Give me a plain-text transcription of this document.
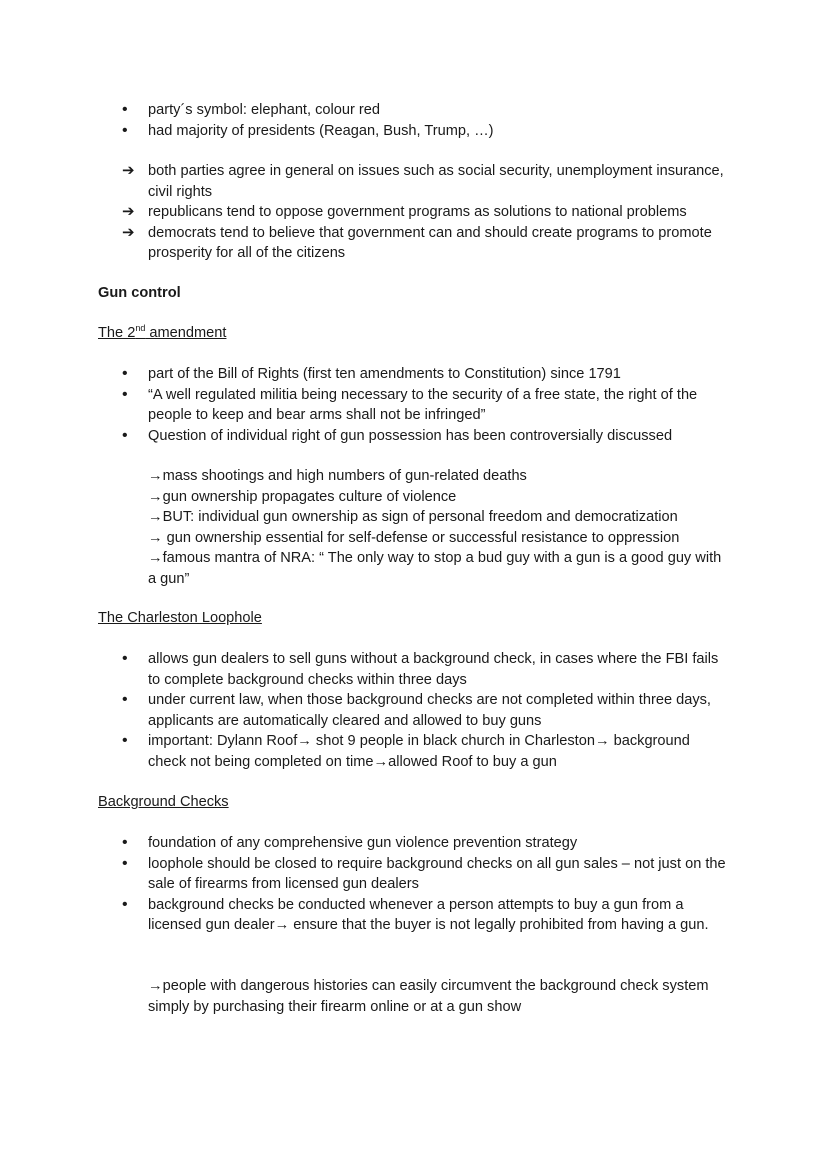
• party´s symbol: elephant, colour red
• had majority of presidents (Reagan, Bush, Trump, …)
➔ both parties agree in general on issues such as social security, unemployment insurance, civil rights
➔ republicans tend to oppose government programs as solutions to national problems
➔ democrats tend to believe that government can and should create programs to promote prosperity for all of the citizens
Gun control
The 2nd amendment
• part of the Bill of Rights (first ten amendments to Constitution) since 1791
• “A well regulated militia being necessary to the security of a free state, the right of the people to keep and bear arms shall not be infringed”
• Question of individual right of gun possession has been controversially discussed

→mass shootings and high numbers of gun-related deaths

→gun ownership propagates culture of violence

→BUT: individual gun ownership as sign of personal freedom and democratization

→ gun ownership essential for self-defense or successful resistance to oppression

→famous mantra of NRA: “ The only way to stop a bud guy with a gun is a good guy with a gun”

The Charleston Loophole
• allows gun dealers to sell guns without a background check, in cases where the FBI fails to complete background checks within three days
• under current law, when those background checks are not completed within three days, applicants are automatically cleared and allowed to buy guns
• important: Dylann Roof→ shot 9 people in black church in Charleston→ background check not being completed on time→allowed Roof to buy a gun
Background Checks
• foundation of any comprehensive gun violence prevention strategy
• loophole should be closed to require background checks on all gun sales – not just on the sale of firearms from licensed gun dealers
• background checks be conducted whenever a person attempts to buy a gun from a licensed gun dealer→ ensure that the buyer is not legally prohibited from having a gun.

→people with dangerous histories can easily circumvent the background check system simply by purchasing their firearm online or at a gun show
